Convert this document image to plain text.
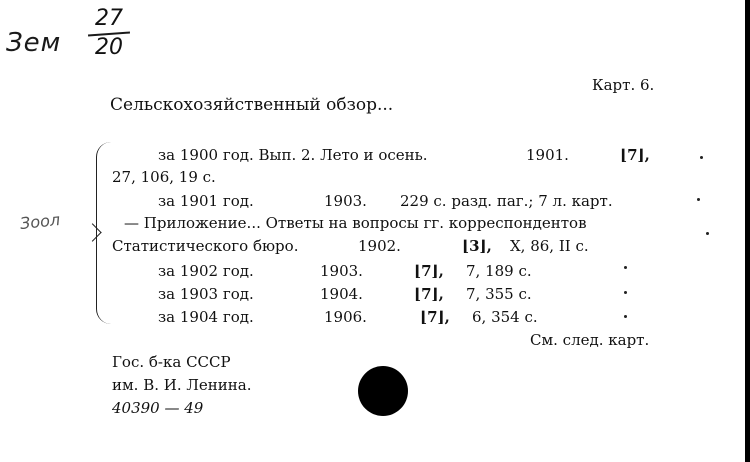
Зем
27
20
Зоол
Карт. 6.
Сельскохозяйственный обзор...
за 1900 год. Вып. 2. Лето и осень.	1901.	⌊7⌋,
27, 106, 19 с.
за 1901 год.	1903. 229 с. разд. паг.; 7 л. карт.
— Приложение... Ответы на вопросы гг. корреспондентов
Статистического бюро.	1902.	⌊3⌋, X, 86, II с.
за 1902 год.	1903.	⌊7⌋, 7, 189 с.
за 1903 год.	1904.	⌊7⌋, 7, 355 с.
за 1904 год.	1906.	⌊7⌋, 6, 354 с.
См. след. карт.
Гос. б-ка СССР
им. В. И. Ленина.
40390 — 49
